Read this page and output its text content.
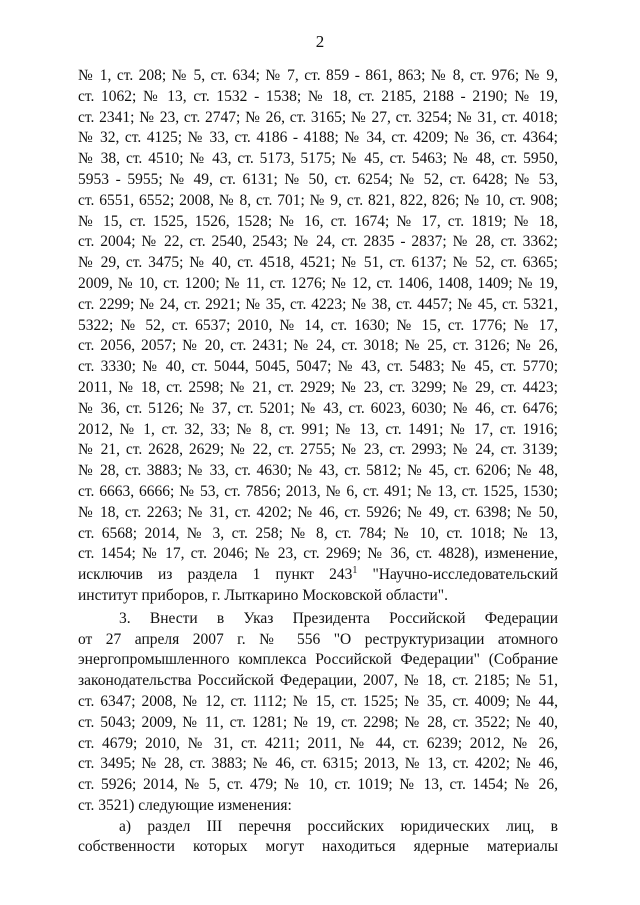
2
№ 1, ст. 208; № 5, ст. 634; № 7, ст. 859 - 861, 863; № 8, ст. 976; № 9,
ст. 1062; № 13, ст. 1532 - 1538; № 18, ст. 2185, 2188 - 2190; № 19,
ст. 2341; № 23, ст. 2747; № 26, ст. 3165; № 27, ст. 3254; № 31, ст. 4018;
№ 32, ст. 4125; № 33, ст. 4186 - 4188; № 34, ст. 4209; № 36, ст. 4364;
№ 38, ст. 4510; № 43, ст. 5173, 5175; № 45, ст. 5463; № 48, ст. 5950,
5953 - 5955; № 49, ст. 6131; № 50, ст. 6254; № 52, ст. 6428; № 53,
ст. 6551, 6552; 2008, № 8, ст. 701; № 9, ст. 821, 822, 826; № 10, ст. 908;
№ 15, ст. 1525, 1526, 1528; № 16, ст. 1674; № 17, ст. 1819; № 18,
ст. 2004; № 22, ст. 2540, 2543; № 24, ст. 2835 - 2837; № 28, ст. 3362;
№ 29, ст. 3475; № 40, ст. 4518, 4521; № 51, ст. 6137; № 52, ст. 6365;
2009, № 10, ст. 1200; № 11, ст. 1276; № 12, ст. 1406, 1408, 1409; № 19,
ст. 2299; № 24, ст. 2921; № 35, ст. 4223; № 38, ст. 4457; № 45, ст. 5321,
5322; № 52, ст. 6537; 2010, № 14, ст. 1630; № 15, ст. 1776; № 17,
ст. 2056, 2057; № 20, ст. 2431; № 24, ст. 3018; № 25, ст. 3126; № 26,
ст. 3330; № 40, ст. 5044, 5045, 5047; № 43, ст. 5483; № 45, ст. 5770;
2011, № 18, ст. 2598; № 21, ст. 2929; № 23, ст. 3299; № 29, ст. 4423;
№ 36, ст. 5126; № 37, ст. 5201; № 43, ст. 6023, 6030; № 46, ст. 6476;
2012, № 1, ст. 32, 33; № 8, ст. 991; № 13, ст. 1491; № 17, ст. 1916;
№ 21, ст. 2628, 2629; № 22, ст. 2755; № 23, ст. 2993; № 24, ст. 3139;
№ 28, ст. 3883; № 33, ст. 4630; № 43, ст. 5812; № 45, ст. 6206; № 48,
ст. 6663, 6666; № 53, ст. 7856; 2013, № 6, ст. 491; № 13, ст. 1525, 1530;
№ 18, ст. 2263; № 31, ст. 4202; № 46, ст. 5926; № 49, ст. 6398; № 50,
ст. 6568; 2014, № 3, ст. 258; № 8, ст. 784; № 10, ст. 1018; № 13,
ст. 1454; № 17, ст. 2046; № 23, ст. 2969; № 36, ст. 4828), изменение,
исключив из раздела 1 пункт $243^1$ "Научно-исследовательский
институт приборов, г. Лыткарино Московской области".
3. Внести в Указ Президента Российской Федерации
от 27 апреля 2007 г. № 556 "О реструктуризации атомного
энергопромышленного комплекса Российской Федерации" (Собрание
законодательства Российской Федерации, 2007, № 18, ст. 2185; № 51,
ст. 6347; 2008, № 12, ст. 1112; № 15, ст. 1525; № 35, ст. 4009; № 44,
ст. 5043; 2009, № 11, ст. 1281; № 19, ст. 2298; № 28, ст. 3522; № 40,
ст. 4679; 2010, № 31, ст. 4211; 2011, № 44, ст. 6239; 2012, № 26,
ст. 3495; № 28, ст. 3883; № 46, ст. 6315; 2013, № 13, ст. 4202; № 46,
ст. 5926; 2014, № 5, ст. 479; № 10, ст. 1019; № 13, ст. 1454; № 26,
ст. 3521) следующие изменения:
а) раздел III перечня российских юридических лиц, в
собственности которых могут находиться ядерные материалы
